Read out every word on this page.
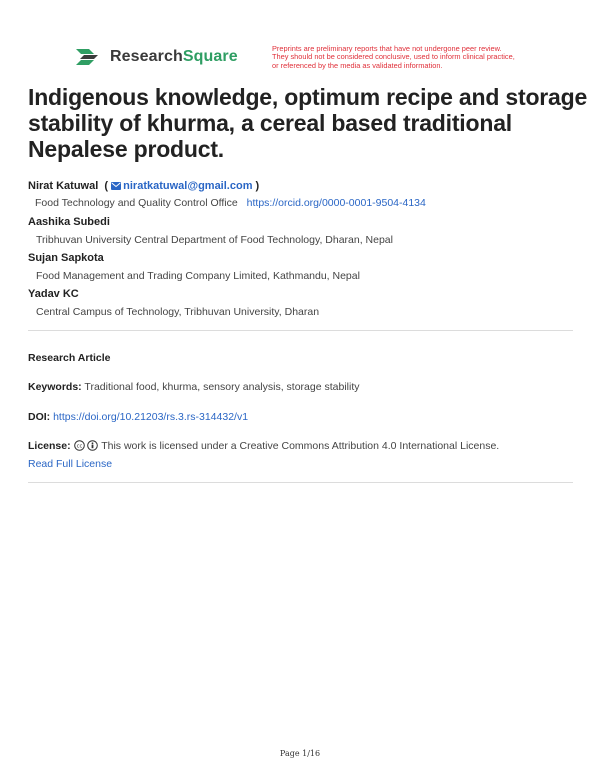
ResearchSquare	Preprints are preliminary reports that have not undergone peer review.
They should not be considered conclusive, used to inform clinical practice,
or referenced by the media as validated information.
Indigenous knowledge, optimum recipe and storage stability of khurma, a cereal based traditional Nepalese product.
Nirat Katuwal  ( niratkatuwal@gmail.com )
Food Technology and Quality Control Office https://orcid.org/0000-0001-9504-4134
Aashika Subedi
Tribhuvan University Central Department of Food Technology, Dharan, Nepal
Sujan Sapkota
Food Management and Trading Company Limited, Kathmandu, Nepal
Yadav KC
Central Campus of Technology, Tribhuvan University, Dharan
Research Article
Keywords: Traditional food, khurma, sensory analysis, storage stability
DOI: https://doi.org/10.21203/rs.3.rs-314432/v1
License: cc This work is licensed under a Creative Commons Attribution 4.0 International License.
Read Full License
Page 1/16
